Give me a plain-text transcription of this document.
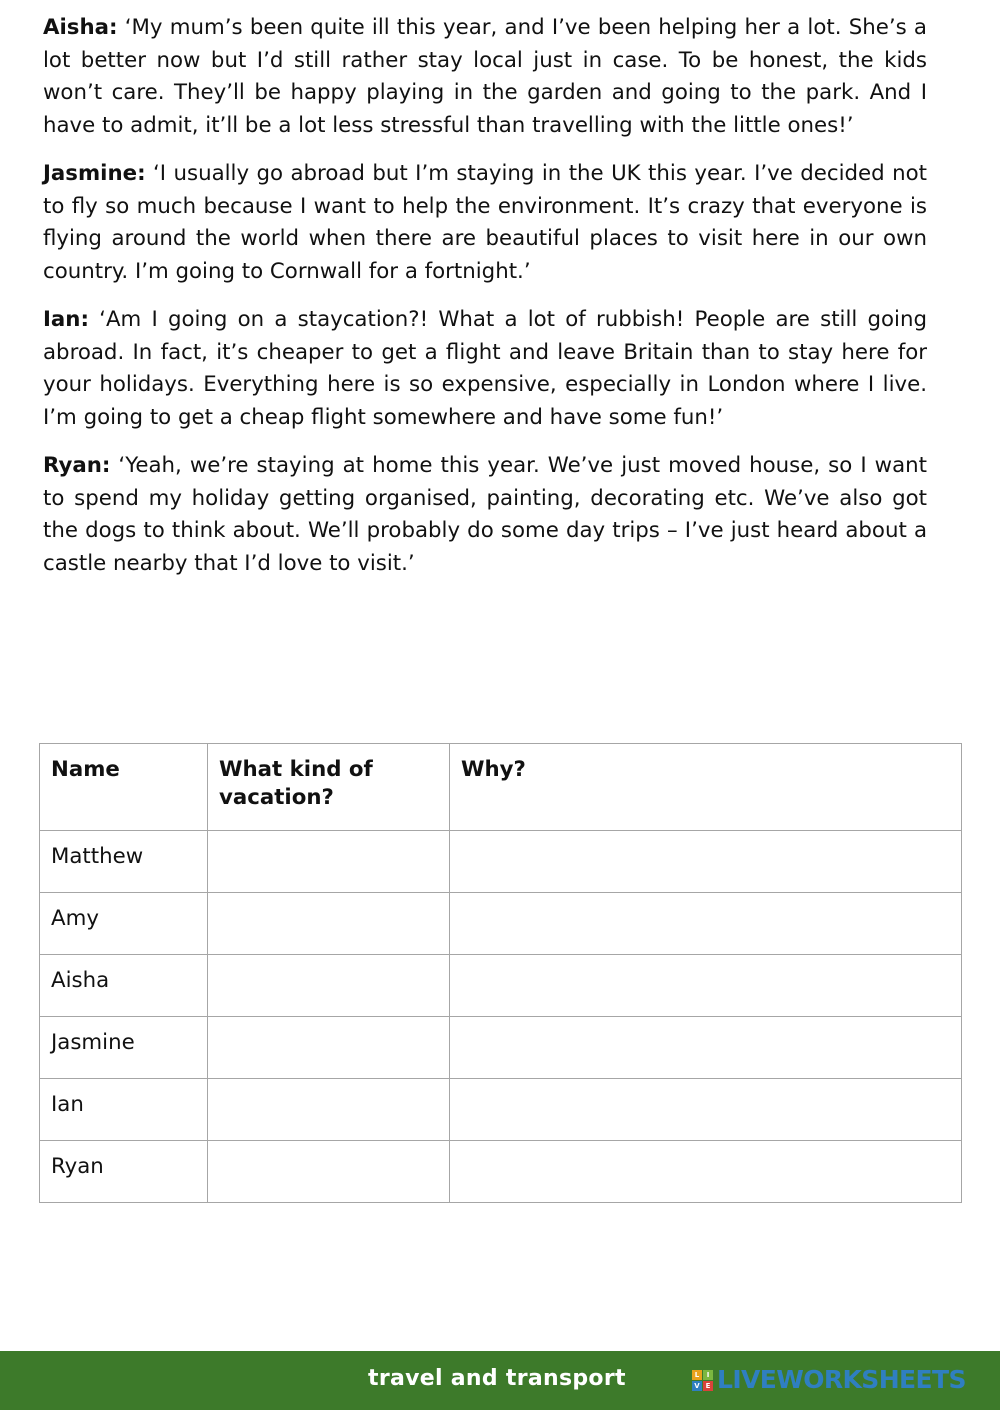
Aisha: ‘My mum’s been quite ill this year, and I’ve been helping her a lot. She’s a lot better now but I’d still rather stay local just in case. To be honest, the kids won’t care. They’ll be happy playing in the garden and going to the park. And I have to admit, it’ll be a lot less stressful than travelling with the little ones!’

Jasmine: ‘I usually go abroad but I’m staying in the UK this year. I’ve decided not to fly so much because I want to help the environment. It’s crazy that everyone is flying around the world when there are beautiful places to visit here in our own country. I’m going to Cornwall for a fortnight.’

Ian: ‘Am I going on a staycation?! What a lot of rubbish! People are still going abroad. In fact, it’s cheaper to get a flight and leave Britain than to stay here for your holidays. Everything here is so expensive, especially in London where I live. I’m going to get a cheap flight somewhere and have some fun!’

Ryan: ‘Yeah, we’re staying at home this year. We’ve just moved house, so I want to spend my holiday getting organised, painting, decorating etc. We’ve also got the dogs to think about. We’ll probably do some day trips – I’ve just heard about a castle nearby that I’d love to visit.’

Name	What kind of vacation?	Why?
Matthew		
Amy		
Aisha		
Jasmine		
Ian		
Ryan		
travel and transport	L	I
V E LIVEWORKSHEETS
